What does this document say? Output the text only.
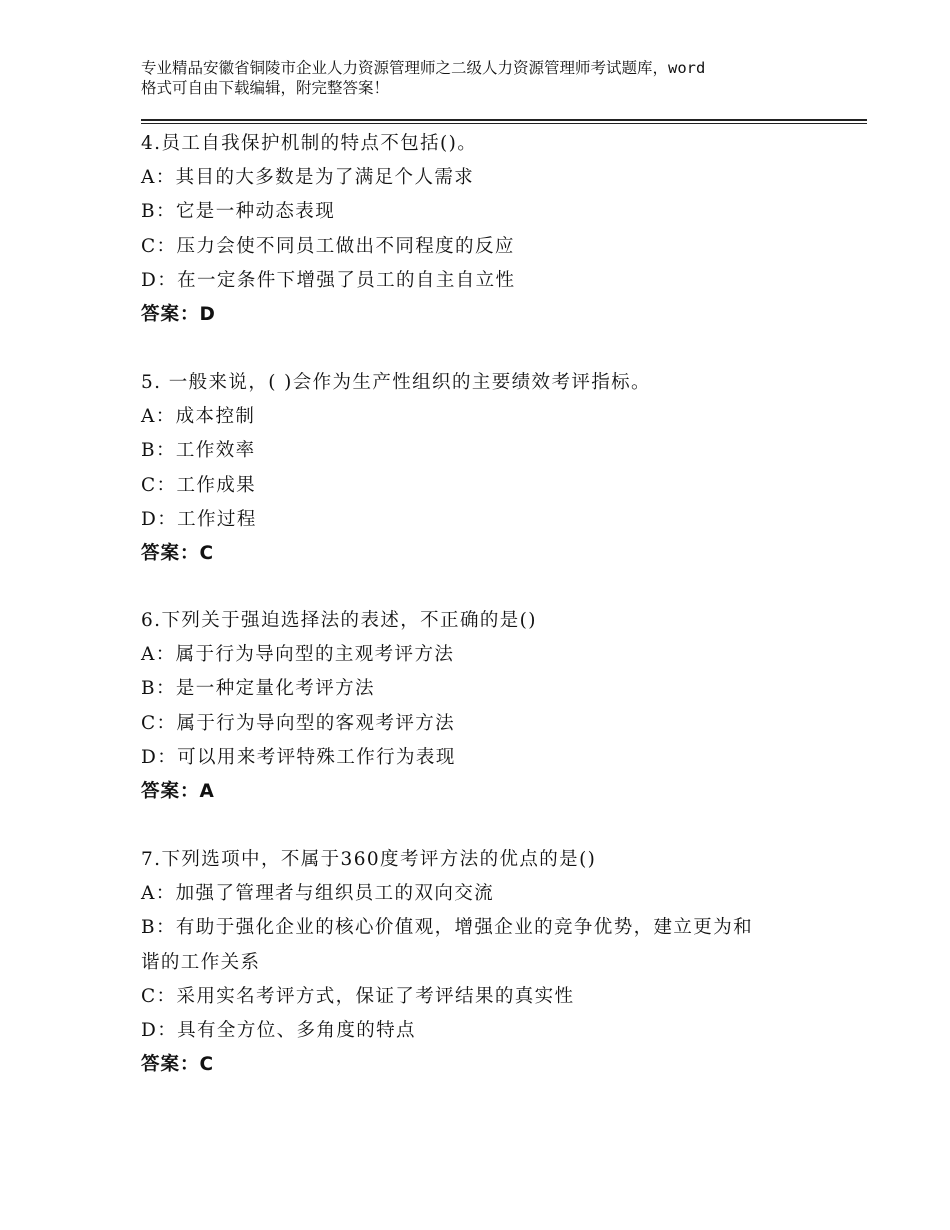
专业精品安徽省铜陵市企业人力资源管理师之二级人力资源管理师考试题库，word
格式可自由下载编辑，附完整答案！
4.员工自我保护机制的特点不包括()。
A：其目的大多数是为了满足个人需求
B：它是一种动态表现
C：压力会使不同员工做出不同程度的反应
D：在一定条件下增强了员工的自主自立性
答案：D
5. 一般来说，( )会作为生产性组织的主要绩效考评指标。
A：成本控制
B：工作效率
C：工作成果
D：工作过程
答案：C
6.下列关于强迫选择法的表述，不正确的是()
A：属于行为导向型的主观考评方法
B：是一种定量化考评方法
C：属于行为导向型的客观考评方法
D：可以用来考评特殊工作行为表现
答案：A
7.下列选项中，不属于360度考评方法的优点的是()
A：加强了管理者与组织员工的双向交流
B：有助于强化企业的核心价值观，增强企业的竞争优势，建立更为和
谐的工作关系
C：采用实名考评方式，保证了考评结果的真实性
D：具有全方位、多角度的特点
答案：C
